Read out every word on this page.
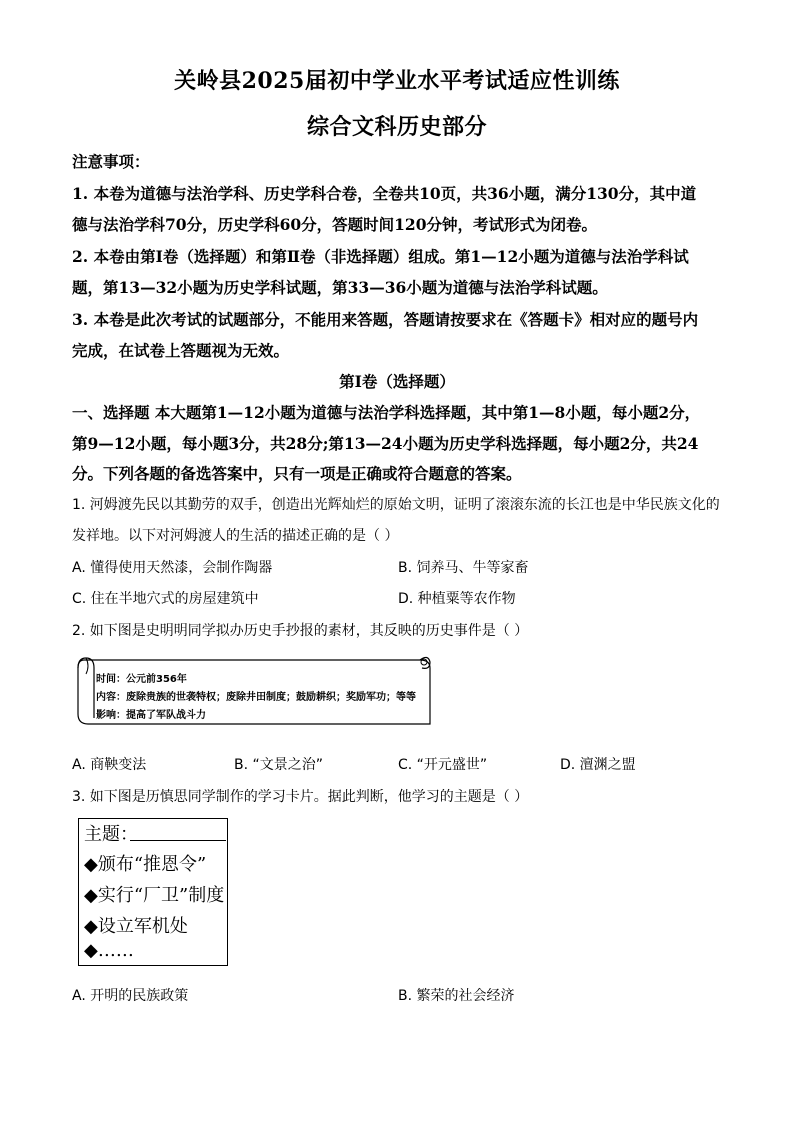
关岭县2025届初中学业水平考试适应性训练
综合文科历史部分
注意事项：
1. 本卷为道德与法治学科、历史学科合卷，全卷共10页，共36小题，满分130分，其中道
德与法治学科70分，历史学科60分，答题时间120分钟，考试形式为闭卷。
2. 本卷由第Ⅰ卷（选择题）和第Ⅱ卷（非选择题）组成。第1—12小题为道德与法治学科试
题，第13—32小题为历史学科试题，第33—36小题为道德与法治学科试题。
3. 本卷是此次考试的试题部分，不能用来答题，答题请按要求在《答题卡》相对应的题号内
完成，在试卷上答题视为无效。
第Ⅰ卷（选择题）
一、选择题 本大题第1—12小题为道德与法治学科选择题，其中第1—8小题，每小题2分，
第9—12小题，每小题3分，共28分;第13—24小题为历史学科选择题，每小题2分，共24
分。下列各题的备选答案中，只有一项是正确或符合题意的答案。
1. 河姆渡先民以其勤劳的双手，创造出光辉灿烂的原始文明，证明了滚滚东流的长江也是中华民族文化的
发祥地。以下对河姆渡人的生活的描述正确的是（ ）
A. 懂得使用天然漆，会制作陶器	B. 饲养马、牛等家畜
C. 住在半地穴式的房屋建筑中	D. 种植粟等农作物
2. 如下图是史明明同学拟办历史手抄报的素材，其反映的历史事件是（ ）
时间：公元前356年
内容：废除贵族的世袭特权；废除井田制度；鼓励耕织；奖励军功；等等
影响：提高了军队战斗力
A. 商鞅变法	B. “文景之治”	C. “开元盛世”	D. 澶渊之盟
3. 如下图是历慎思同学制作的学习卡片。据此判断，他学习的主题是（ ）
主题：
◆颁布“推恩令”
◆实行“厂卫”制度
◆设立军机处
◆……
A. 开明的民族政策	B. 繁荣的社会经济
